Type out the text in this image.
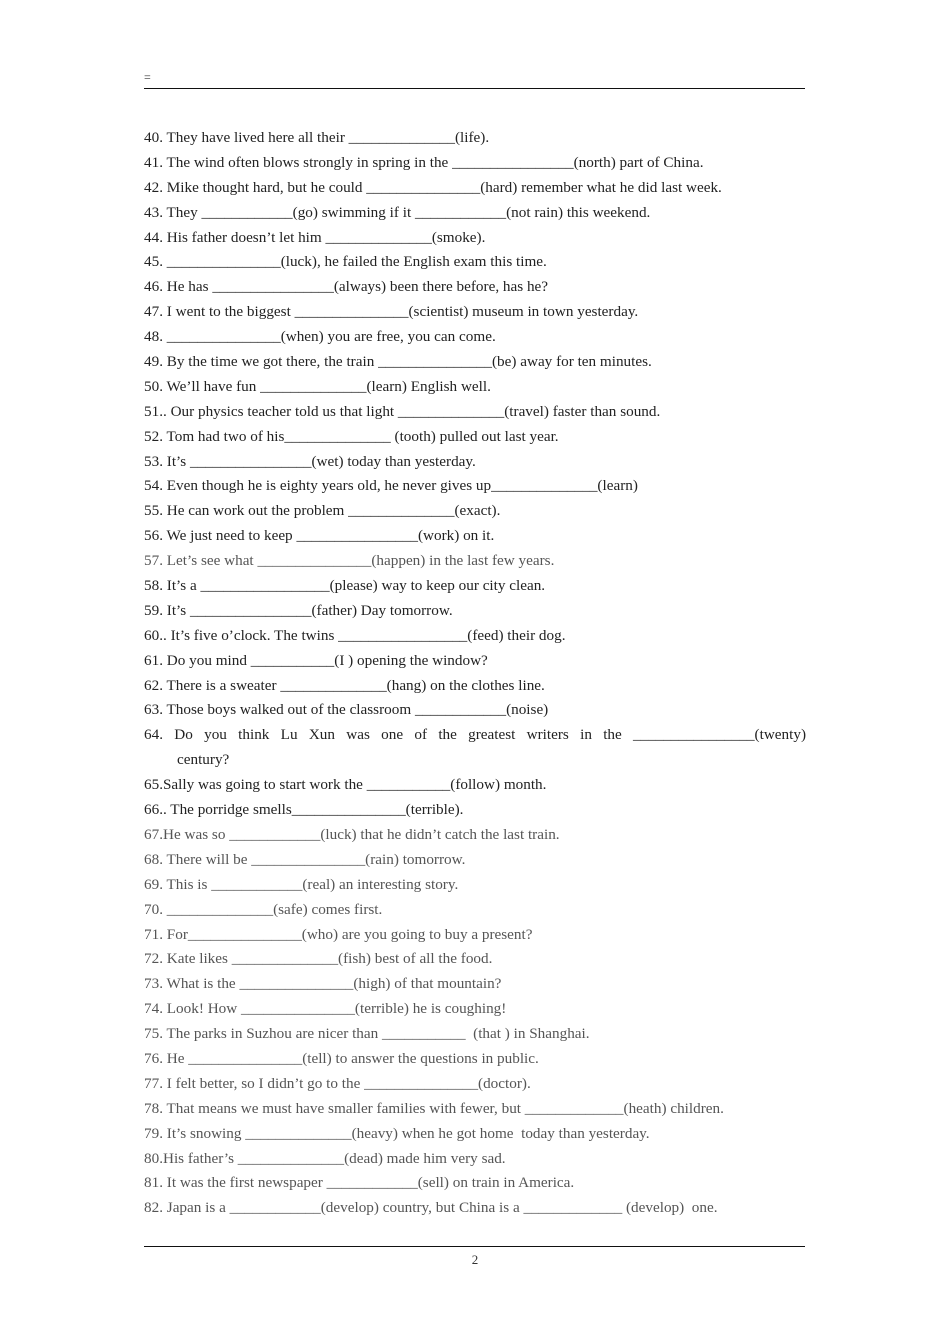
=
40. They have lived here all their ______________(life).
41. The wind often blows strongly in spring in the ________________(north) part of China.
42. Mike thought hard, but he could _______________(hard) remember what he did last week.
43. They ____________(go) swimming if it ____________(not rain) this weekend.
44. His father doesn’t let him ______________(smoke).
45. _______________(luck), he failed the English exam this time.
46. He has ________________(always) been there before, has he?
47. I went to the biggest _______________(scientist) museum in town yesterday.
48. _______________(when) you are free, you can come.
49. By the time we got there, the train _______________(be) away for ten minutes.
50. We’ll have fun ______________(learn) English well.
51.. Our physics teacher told us that light ______________(travel) faster than sound.
52. Tom had two of his______________ (tooth) pulled out last year.
53. It’s ________________(wet) today than yesterday.
54. Even though he is eighty years old, he never gives up______________(learn)
55. He can work out the problem ______________(exact).
56. We just need to keep ________________(work) on it.
57. Let’s see what _______________(happen) in the last few years.
58. It’s a _________________(please) way to keep our city clean.
59. It’s ________________(father) Day tomorrow.
60.. It’s five o’clock. The twins _________________(feed) their dog.
61. Do you mind ___________(I ) opening the window?
62. There is a sweater ______________(hang) on the clothes line.
63. Those boys walked out of the classroom ____________(noise)
64. Do you think Lu Xun was one of the greatest writers in the ________________(twenty)
century?
65.Sally was going to start work the ___________(follow) month.
66.. The porridge smells_______________(terrible).
67.He was so ____________(luck) that he didn’t catch the last train.
68. There will be _______________(rain) tomorrow.
69. This is ____________(real) an interesting story.
70. ______________(safe) comes first.
71. For_______________(who) are you going to buy a present?
72. Kate likes ______________(fish) best of all the food.
73. What is the _______________(high) of that mountain?
74. Look! How _______________(terrible) he is coughing!
75. The parks in Suzhou are nicer than ___________  (that ) in Shanghai.
76. He _______________(tell) to answer the questions in public.
77. I felt better, so I didn’t go to the _______________(doctor).
78. That means we must have smaller families with fewer, but _____________(heath) children.
79. It’s snowing ______________(heavy) when he got home  today than yesterday.
80.His father’s ______________(dead) made him very sad.
81. It was the first newspaper ____________(sell) on train in America.
82. Japan is a ____________(develop) country, but China is a _____________ (develop)  one.
2
